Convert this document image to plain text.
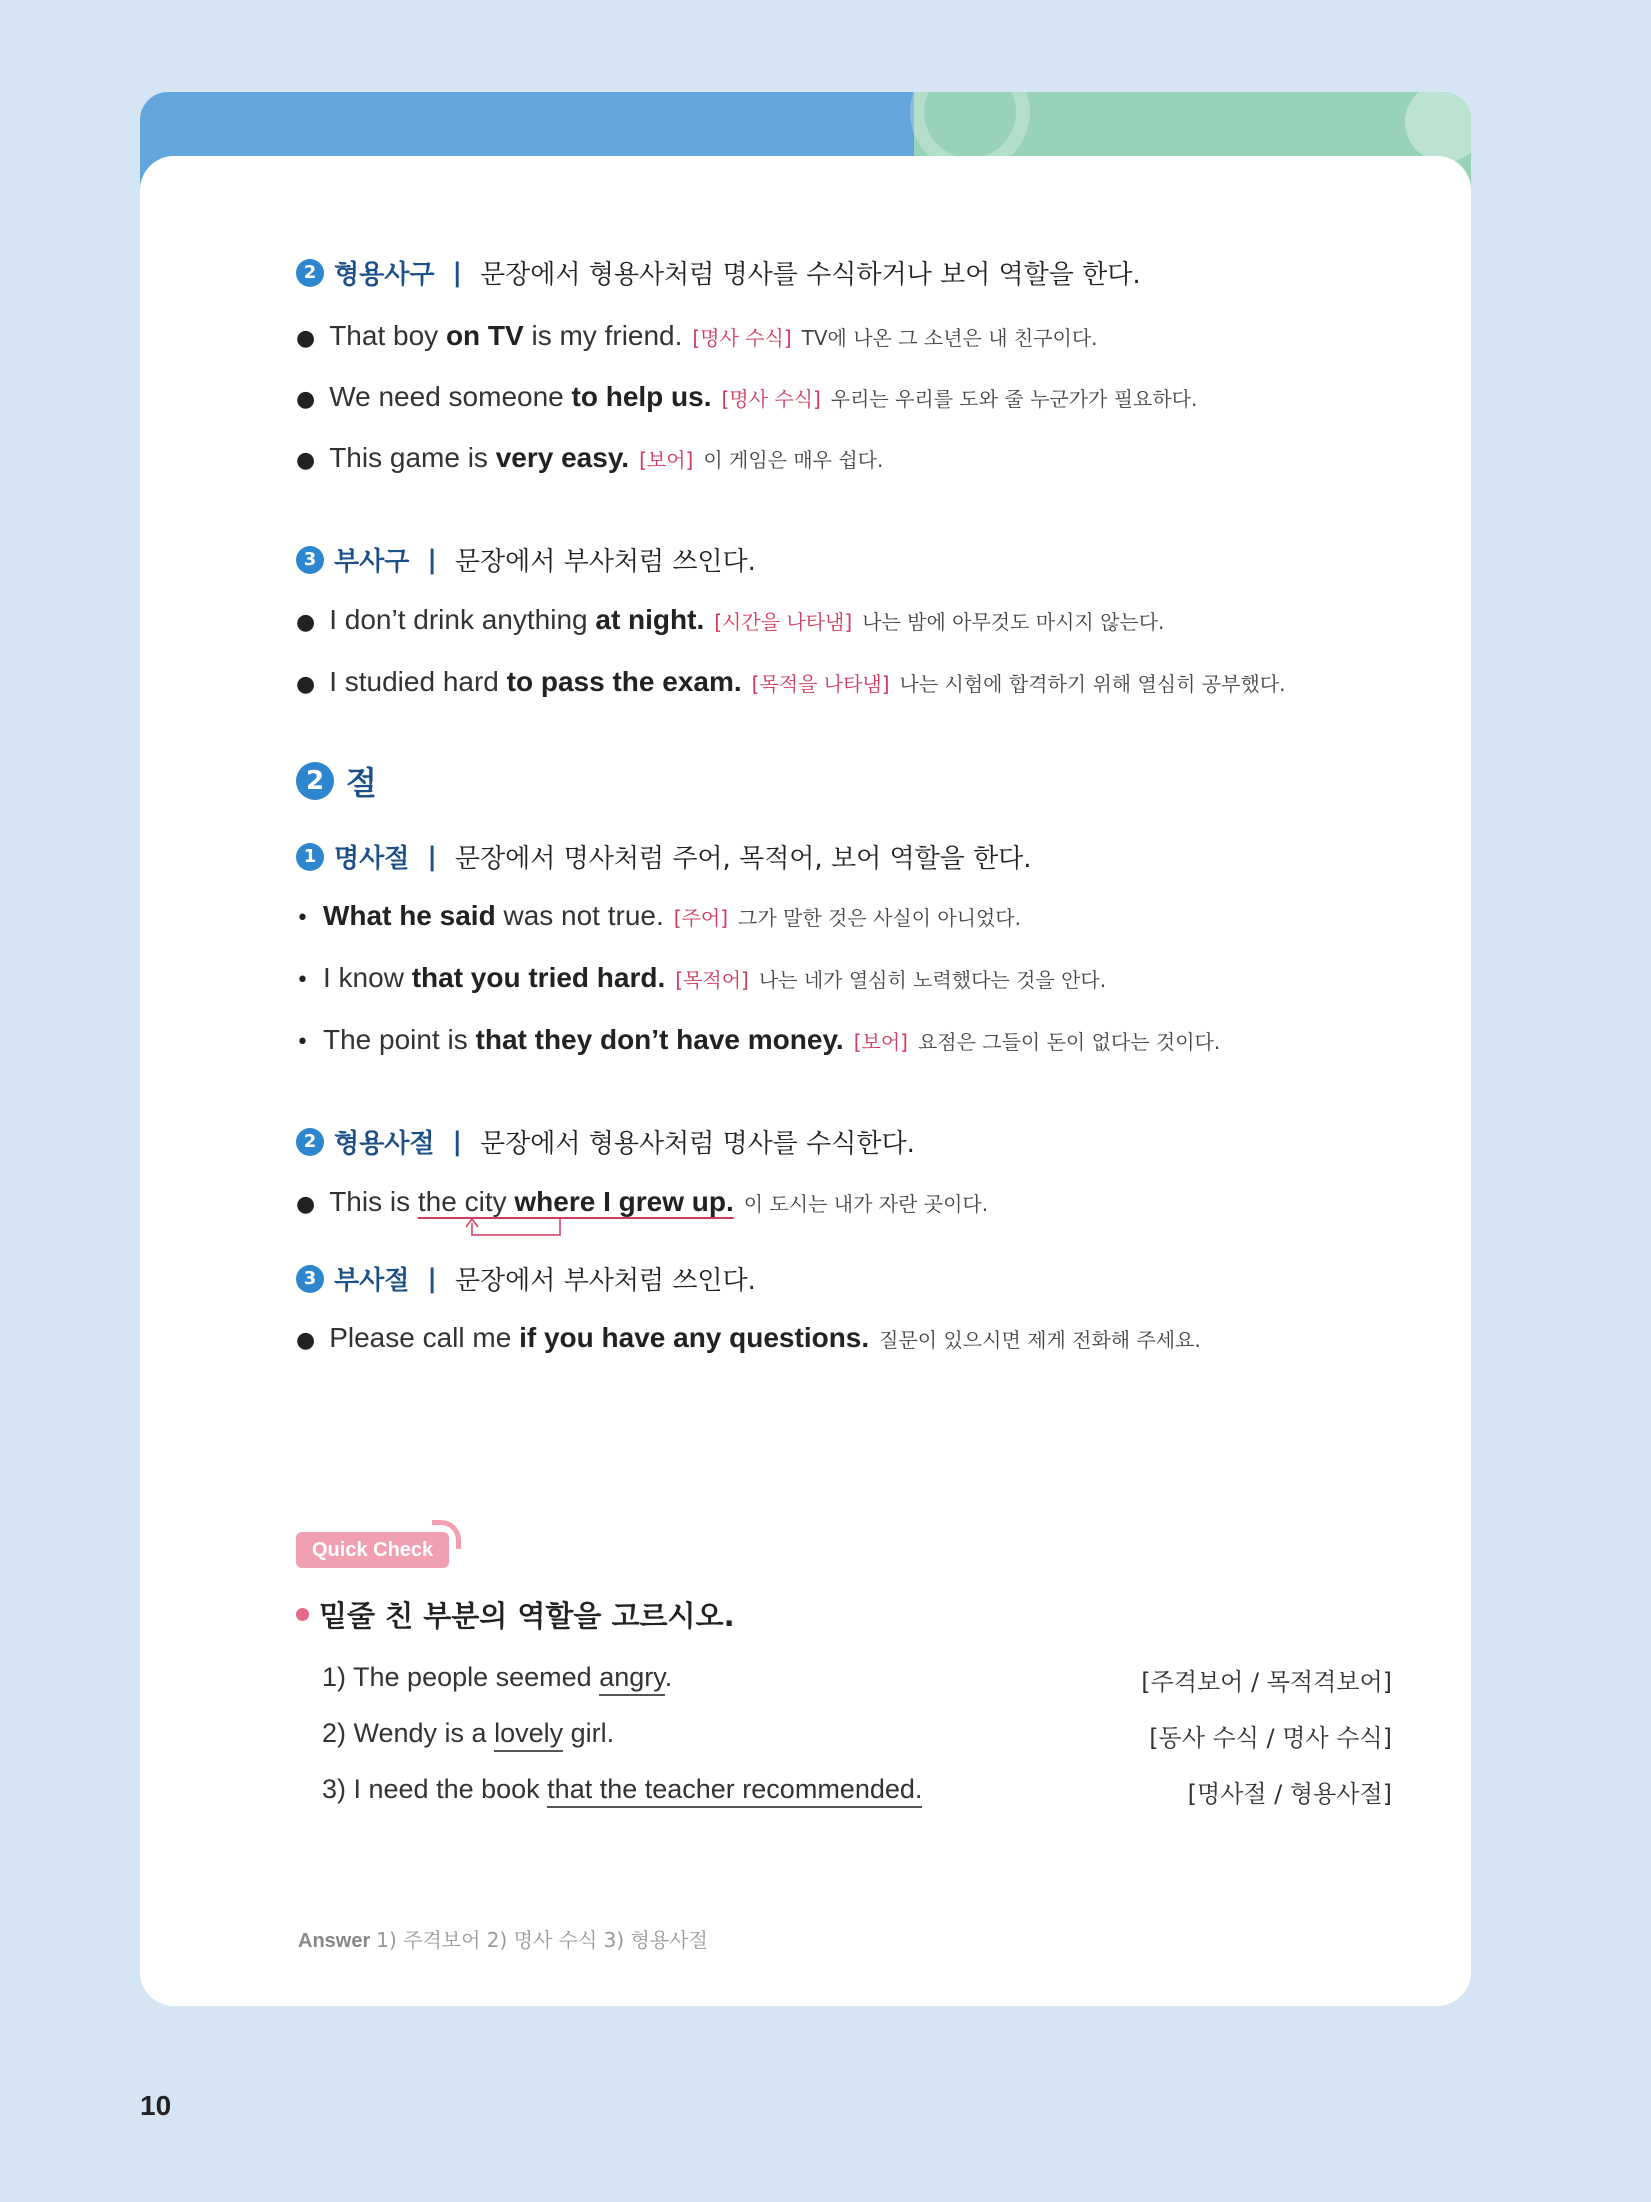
2 형용사구 | 문장에서 형용사처럼 명사를 수식하거나 보어 역할을 한다.
● That boy on TV is my friend. [명사 수식] TV에 나온 그 소년은 내 친구이다.
● We need someone to help us. [명사 수식] 우리는 우리를 도와 줄 누군가가 필요하다.
● This game is very easy. [보어] 이 게임은 매우 쉽다.
3 부사구 | 문장에서 부사처럼 쓰인다.
● I don’t drink anything at night. [시간을 나타냄] 나는 밤에 아무것도 마시지 않는다.
● I studied hard to pass the exam. [목적을 나타냄] 나는 시험에 합격하기 위해 열심히 공부했다.
2 절
1 명사절 | 문장에서 명사처럼 주어, 목적어, 보어 역할을 한다.
• What he said was not true. [주어] 그가 말한 것은 사실이 아니었다.
• I know that you tried hard. [목적어] 나는 네가 열심히 노력했다는 것을 안다.
• The point is that they don’t have money. [보어] 요점은 그들이 돈이 없다는 것이다.
2 형용사절 | 문장에서 형용사처럼 명사를 수식한다.
● This is the city where I grew up. 이 도시는 내가 자란 곳이다.
3 부사절 | 문장에서 부사처럼 쓰인다.
● Please call me if you have any questions. 질문이 있으시면 제게 전화해 주세요.
Quick Check
밑줄 친 부분의 역할을 고르시오.
1) The people seemed angry.	[주격보어 / 목적격보어]
2) Wendy is a lovely girl.	[동사 수식 / 명사 수식]
3) I need the book that the teacher recommended.	[명사절 / 형용사절]
Answer 1) 주격보어 2) 명사 수식 3) 형용사절
10
